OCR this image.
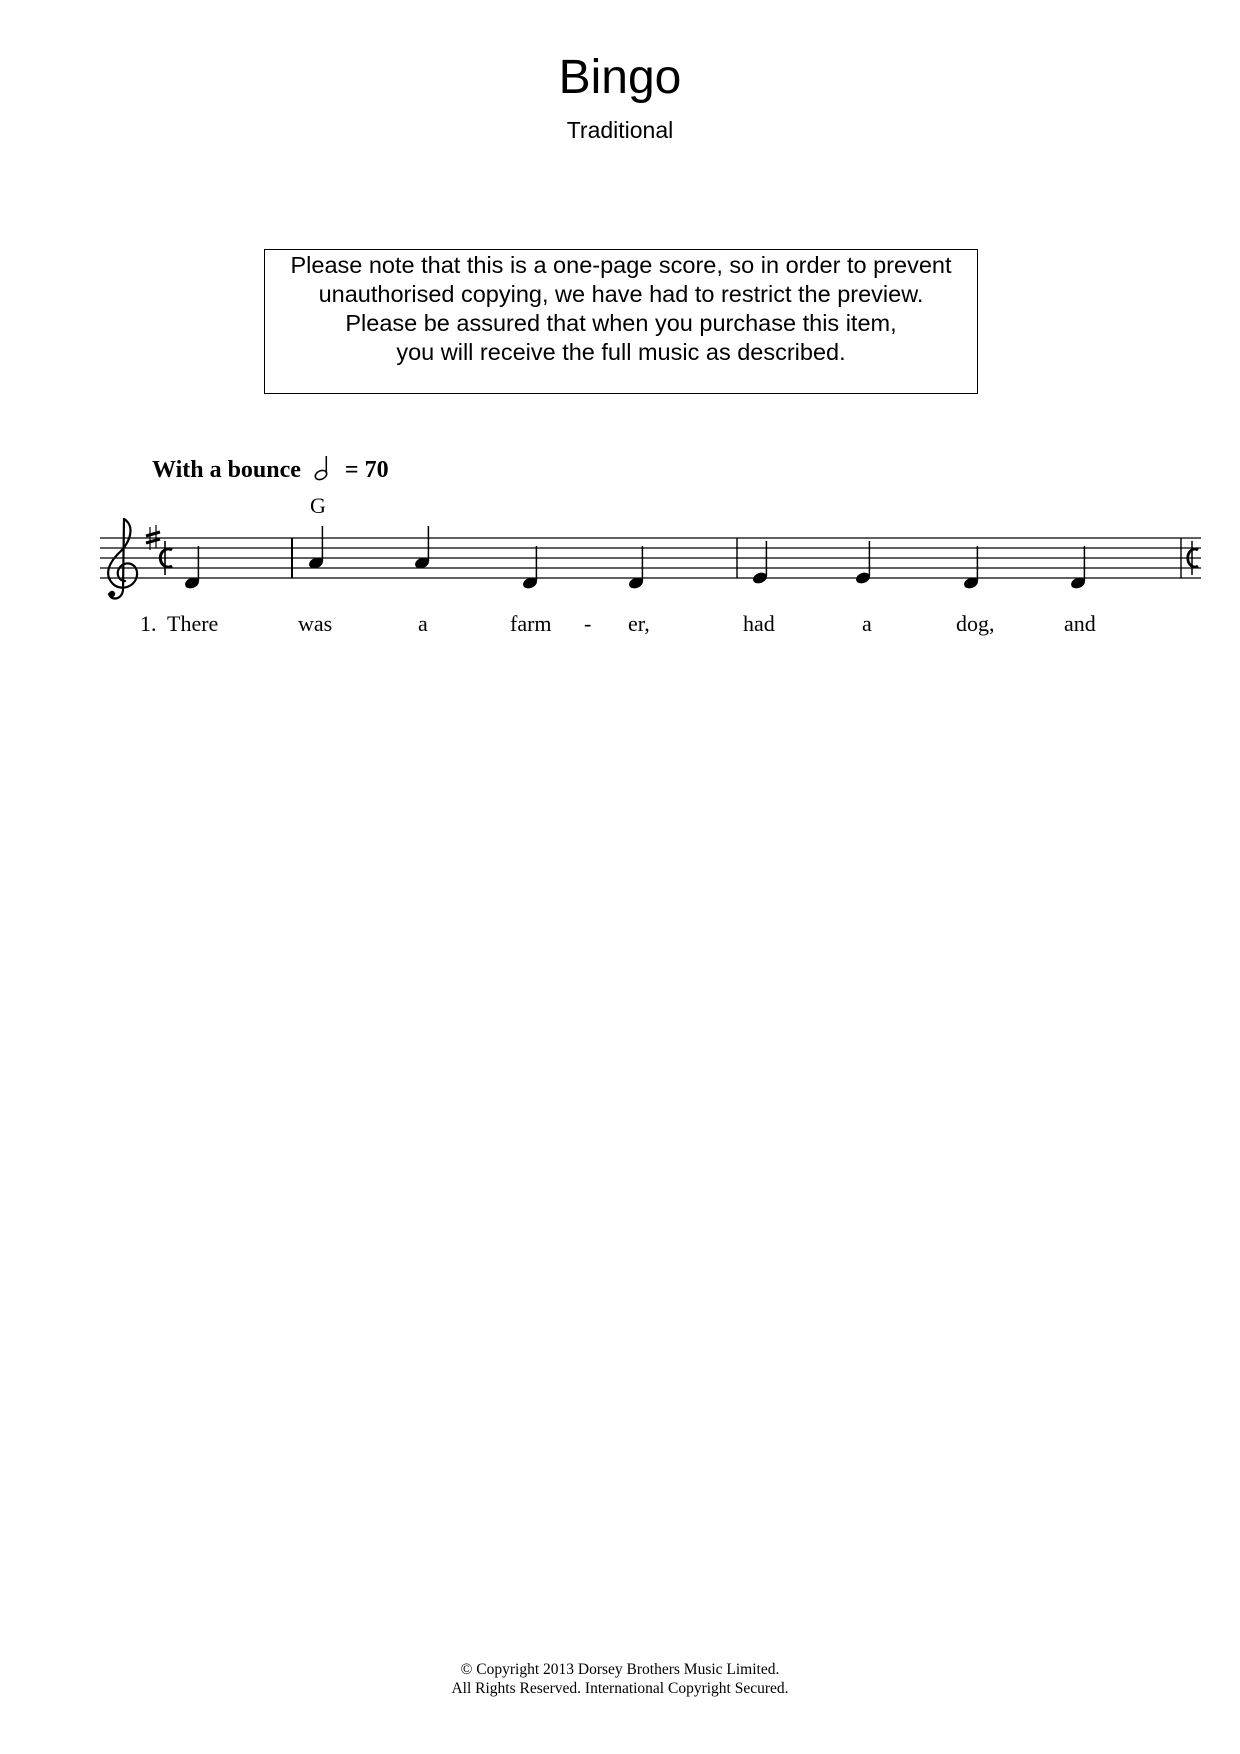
Bingo
Traditional
Please note that this is a one-page score, so in order to prevent
unauthorised copying, we have had to restrict the preview.
Please be assured that when you purchase this item,
you will receive the full music as described.
With a bounce = 70
G
1. There	was	a	farm - er,	had	a	dog,	and
© Copyright 2013 Dorsey Brothers Music Limited.
All Rights Reserved. International Copyright Secured.
